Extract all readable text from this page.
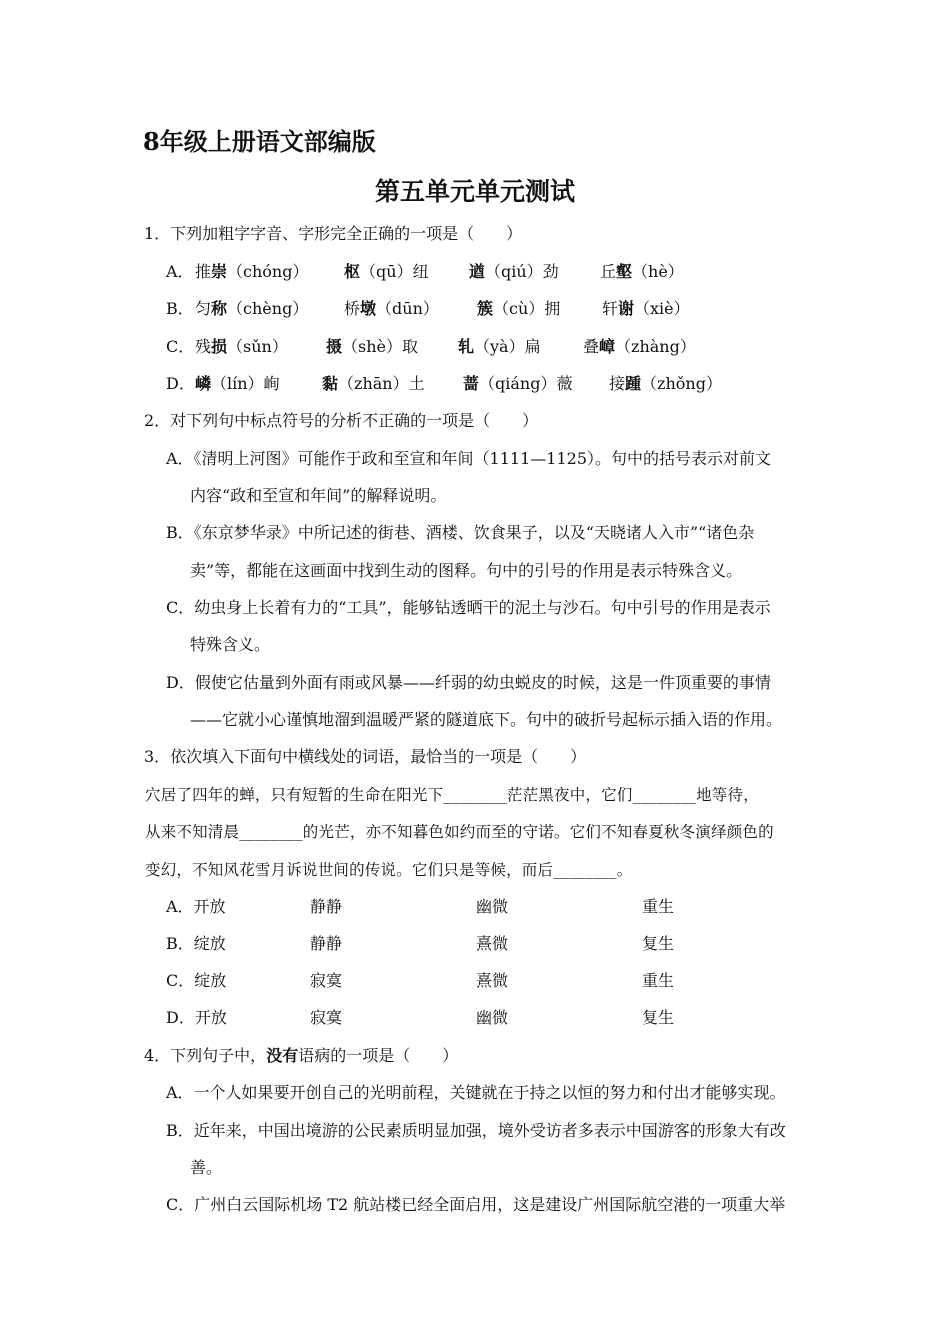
8年级上册语文部编版
第五单元单元测试
1．下列加粗字字音、字形完全正确的一项是（　　）
A． 推崇（chóng） 枢（qū）纽	遒（qiú）劲	丘壑（hè）
B． 匀称（chèng） 桥墩（dūn） 簇（cù）拥	轩谢（xiè）
C． 残损（sǔn） 摄（shè）取 轧（yà）扁	叠嶂（zhàng）
D． 嶙（lín）峋	黏（zhān）土 蔷（qiáng）薇 接踵（zhǒng）
2．对下列句中标点符号的分析不正确的一项是（　　）
A．《清明上河图》可能作于政和至宣和年间（1111—1125）。句中的括号表示对前文
内容“政和至宣和年间”的解释说明。
B．《东京梦华录》中所记述的街巷、酒楼、饮食果子，以及“天晓诸人入市”“诸色杂
卖”等，都能在这画面中找到生动的图释。句中的引号的作用是表示特殊含义。
C．幼虫身上长着有力的“工具”，能够钻透晒干的泥土与沙石。句中引号的作用是表示
特殊含义。
D．假使它估量到外面有雨或风暴——纤弱的幼虫蜕皮的时候，这是一件顶重要的事情
——它就小心谨慎地溜到温暖严紧的隧道底下。句中的破折号起标示插入语的作用。
3．依次填入下面句中横线处的词语，最恰当的一项是（　　）
穴居了四年的蝉，只有短暂的生命在阳光下________茫茫黑夜中，它们________地等待，
从来不知清晨________的光芒，亦不知暮色如约而至的守诺。它们不知春夏秋冬演绎颜色的
变幻，不知风花雪月诉说世间的传说。它们只是等候，而后________。
A．开放	静静	幽微	重生
B．绽放	静静	熹微	复生
C．绽放	寂寞	熹微	重生
D．开放	寂寞	幽微	复生
4．下列句子中，没有语病的一项是（　　）
A．一个人如果要开创自己的光明前程，关键就在于持之以恒的努力和付出才能够实现。
B．近年来，中国出境游的公民素质明显加强，境外受访者多表示中国游客的形象大有改
善。
C．广州白云国际机场 T2 航站楼已经全面启用，这是建设广州国际航空港的一项重大举
